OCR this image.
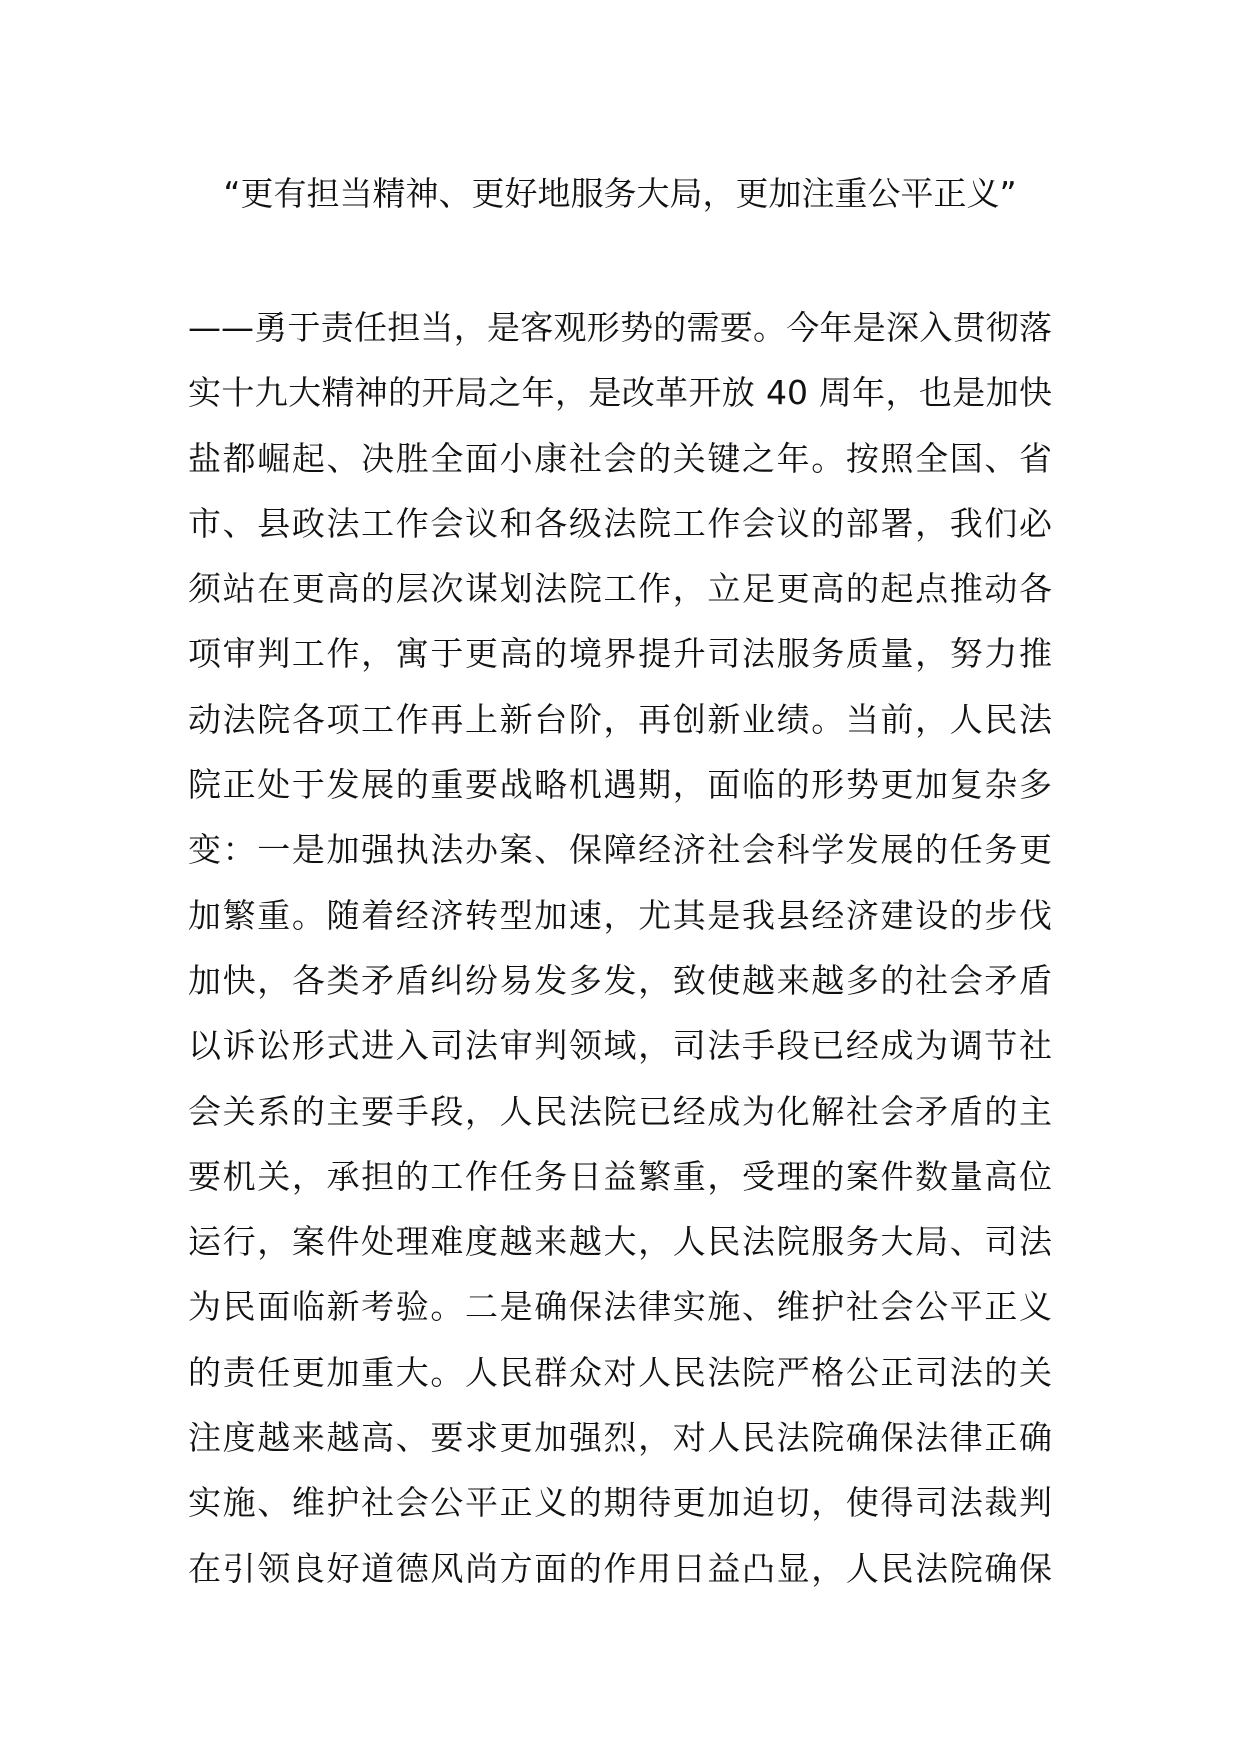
“更有担当精神、更好地服务大局，更加注重公平正义”
——勇于责任担当，是客观形势的需要。今年是深入贯彻落
实十九大精神的开局之年，是改革开放 40 周年，也是加快
盐都崛起、决胜全面小康社会的关键之年。按照全国、省
市、县政法工作会议和各级法院工作会议的部署，我们必
须站在更高的层次谋划法院工作，立足更高的起点推动各
项审判工作，寓于更高的境界提升司法服务质量，努力推
动法院各项工作再上新台阶，再创新业绩。当前，人民法
院正处于发展的重要战略机遇期，面临的形势更加复杂多
变：一是加强执法办案、保障经济社会科学发展的任务更
加繁重。随着经济转型加速，尤其是我县经济建设的步伐
加快，各类矛盾纠纷易发多发，致使越来越多的社会矛盾
以诉讼形式进入司法审判领域，司法手段已经成为调节社
会关系的主要手段，人民法院已经成为化解社会矛盾的主
要机关，承担的工作任务日益繁重，受理的案件数量高位
运行，案件处理难度越来越大，人民法院服务大局、司法
为民面临新考验。二是确保法律实施、维护社会公平正义
的责任更加重大。人民群众对人民法院严格公正司法的关
注度越来越高、要求更加强烈，对人民法院确保法律正确
实施、维护社会公平正义的期待更加迫切，使得司法裁判
在引领良好道德风尚方面的作用日益凸显，人民法院确保
